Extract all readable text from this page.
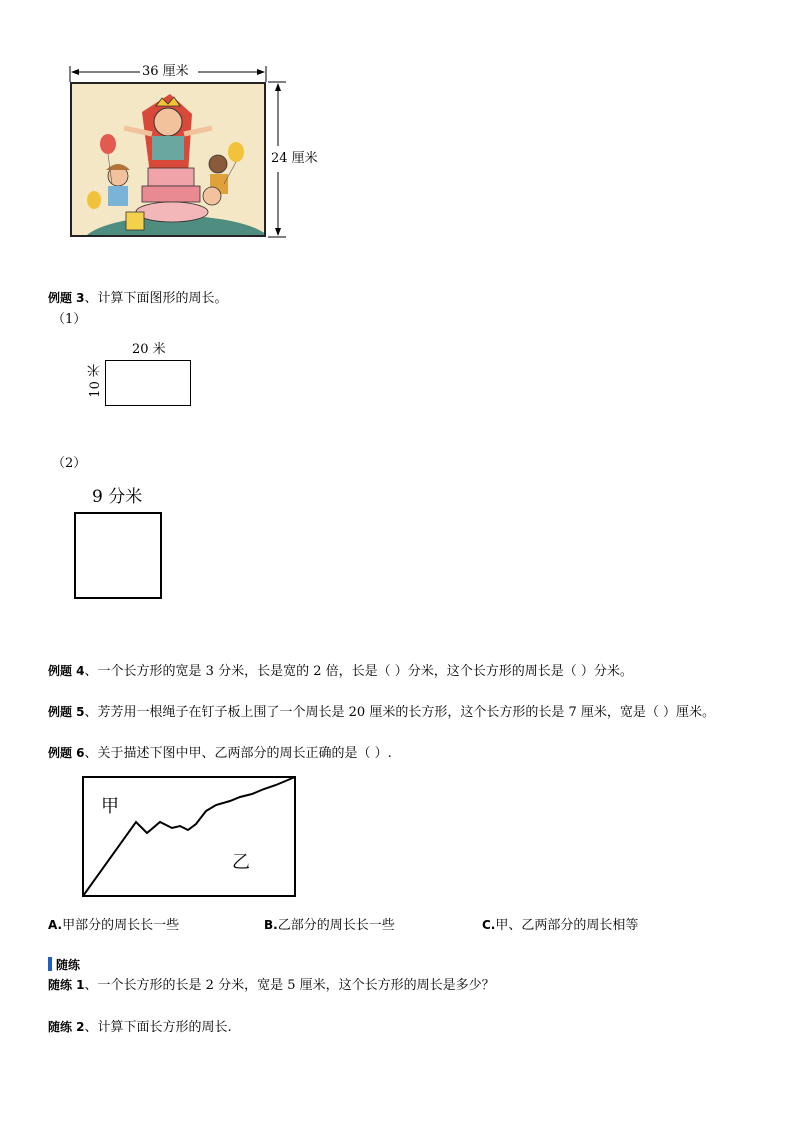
36 厘米
24 厘米
例题 3、计算下面图形的周长。
（1）
20 米
10 米
（2）
9 分米
例题 4、一个长方形的宽是 3 分米，长是宽的 2 倍，长是（ ）分米，这个长方形的周长是（ ）分米。
例题 5、芳芳用一根绳子在钉子板上围了一个周长是 20 厘米的长方形，这个长方形的长是 7 厘米，宽是（ ）厘米。
例题 6、关于描述下图中甲、乙两部分的周长正确的是（ ）.
甲
乙
A.甲部分的周长长一些	B.乙部分的周长长一些	C.甲、乙两部分的周长相等
随练
随练 1、一个长方形的长是 2 分米，宽是 5 厘米，这个长方形的周长是多少？
随练 2、计算下面长方形的周长.
